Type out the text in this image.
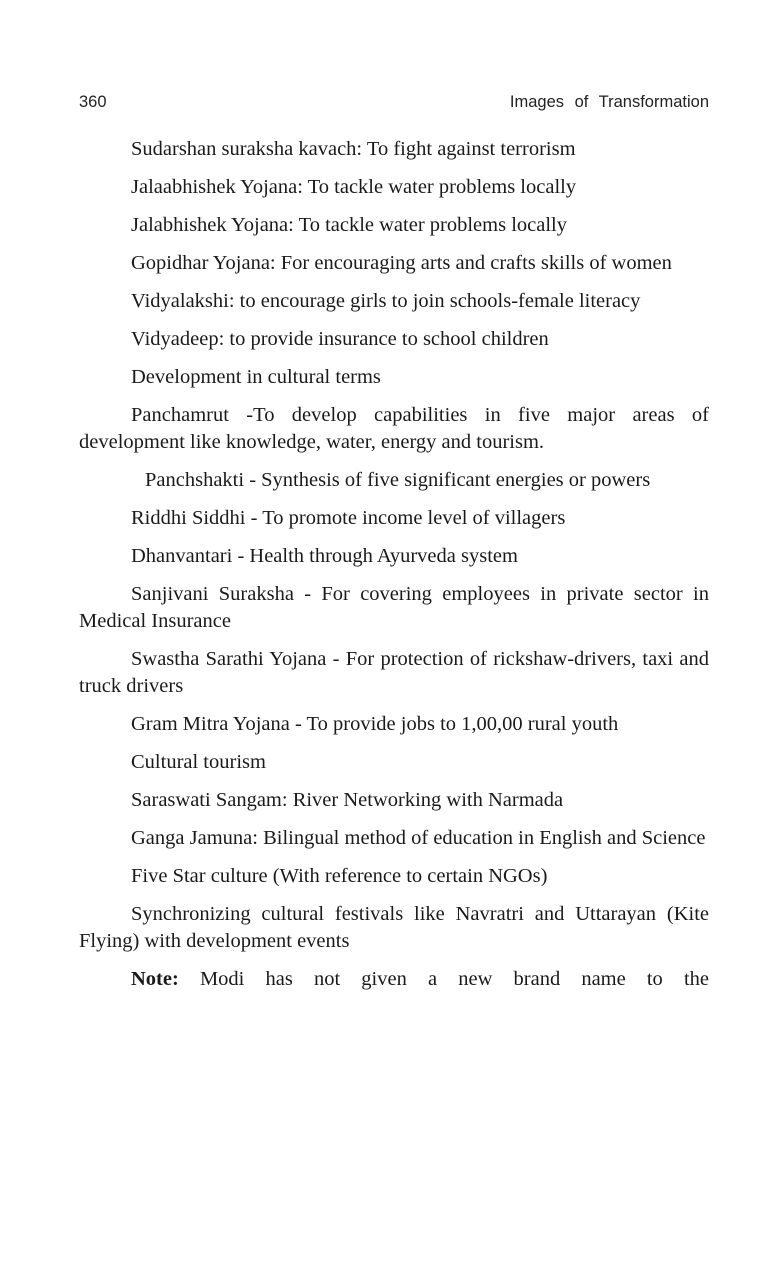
360	Images of Transformation

Sudarshan suraksha kavach: To fight against terrorism

Jalaabhishek Yojana: To tackle water problems locally

Jalabhishek Yojana: To tackle water problems locally

Gopidhar Yojana: For encouraging arts and crafts skills of women

Vidyalakshi: to encourage girls to join schools-female literacy

Vidyadeep: to provide insurance to school children

Development in cultural terms

Panchamrut -To develop capabilities in five major areas of development like knowledge, water, energy and tourism.

Panchshakti - Synthesis of five significant energies or powers

Riddhi Siddhi - To promote income level of villagers

Dhanvantari - Health through Ayurveda system

Sanjivani Suraksha - For covering employees in private sector in Medical Insurance

Swastha Sarathi Yojana - For protection of rickshaw-drivers, taxi and truck drivers

Gram Mitra Yojana - To provide jobs to 1,00,00 rural youth

Cultural tourism

Saraswati Sangam: River Networking with Narmada

Ganga Jamuna: Bilingual method of education in English and Science

Five Star culture (With reference to certain NGOs)

Synchronizing cultural festivals like Navratri and Uttarayan (Kite Flying) with development events

Note: Modi has not given a new brand name to the
